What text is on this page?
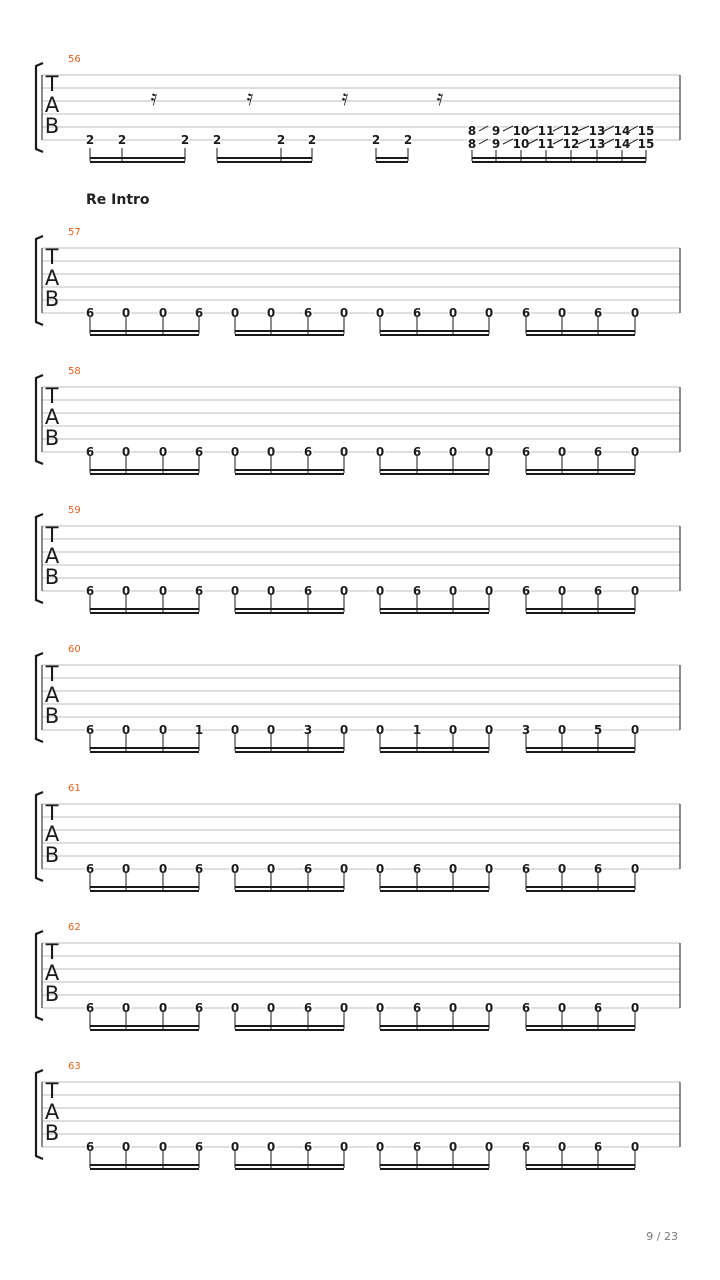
T
A
B
56
2 2	2 2	2 2	2 2
8
8
9
9
10
10
11
11
12
12
13
13
14
14
15
15
𝄿	𝄿	𝄿	𝄿
T
A
B
57
6 0 0 6 0 0 6 0 0 6 0 0 6 0 6 0
T
A
B
58
6 0 0 6 0 0 6 0 0 6 0 0 6 0 6 0
T
A
B
59
6 0 0 6 0 0 6 0 0 6 0 0 6 0 6 0
T
A
B
60
6 0 0 1 0 0 3 0 0 1 0 0 3 0 5 0
T
A
B
61
6 0 0 6 0 0 6 0 0 6 0 0 6 0 6 0
T
A
B
62
6 0 0 6 0 0 6 0 0 6 0 0 6 0 6 0
T
A
B
63
6 0 0 6 0 0 6 0 0 6 0 0 6 0 6 0
Re Intro
9 / 23
